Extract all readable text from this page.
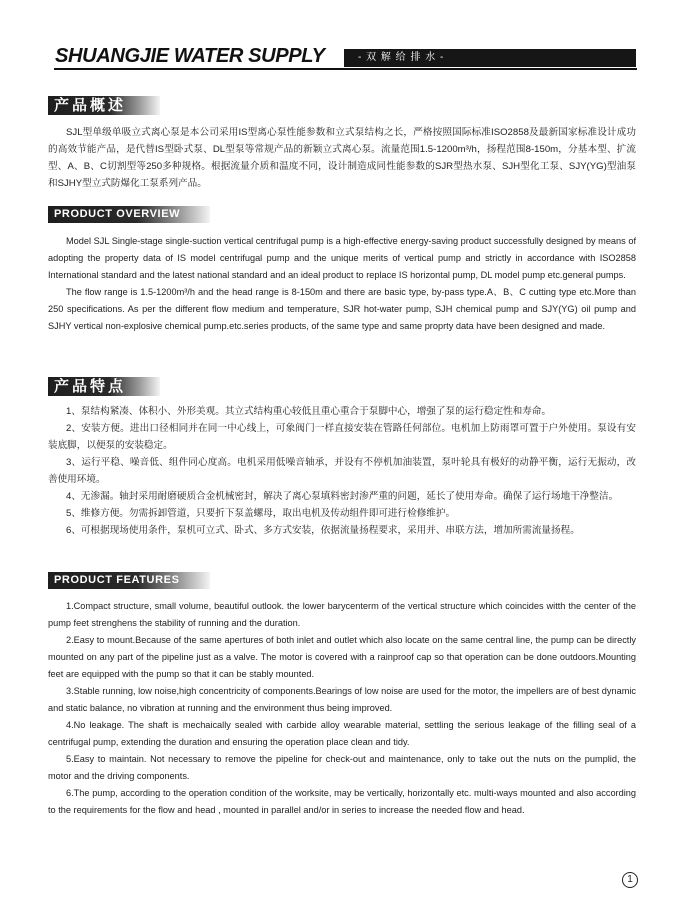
SHUANGJIE WATER SUPPLY	- 双 解 给 排 水 -
产品概述

SJL型单级单吸立式离心泵是本公司采用IS型离心泵性能参数和立式泵结构之长，严格按照国际标准ISO2858及最新国家标准设计成功的高效节能产品，是代替IS型卧式泵、DL型泵等常规产品的新颖立式离心泵。流量范围1.5-1200m³/h，扬程范围8-150m，分基本型、扩流型、A、B、C切割型等250多种规格。根据流量介质和温度不同，设计制造成同性能参数的SJR型热水泵、SJH型化工泵、SJY(YG)型油泵和SJHY型立式防爆化工泵系列产品。

PRODUCT OVERVIEW

Model SJL Single-stage single-suction vertical centrifugal pump is a high-effective energy-saving product successfully designed by means of adopting the property data of IS model centrifugal pump and the unique merits of vertical pump and strictly in accordance with ISO2858 International standard and the latest national standard and an ideal product to replace IS horizontal pump, DL model pump etc.general pumps.

The flow range is 1.5-1200m³/h and the head range is 8-150m and there are basic type, by-pass type.A、B、C cutting type etc.More than 250 specifications. As per the different flow medium and temperature, SJR hot-water pump, SJH chemical pump and SJY(YG) oil pump and SJHY vertical non-explosive chemical pump.etc.series products, of the same type and same proprty data have been designed and made.

产品特点

1、泵结构紧凑、体积小、外形美观。其立式结构重心较低且重心重合于泵脚中心，增强了泵的运行稳定性和寿命。

2、安装方便。进出口径相同并在同一中心线上，可象阀门一样直接安装在管路任何部位。电机加上防雨罩可置于户外使用。泵设有安装底脚，以便泵的安装稳定。

3、运行平稳、噪音低、组件同心度高。电机采用低噪音轴承，并设有不停机加油装置，泵叶轮具有极好的动静平衡，运行无振动，改善使用环境。

4、无渗漏。轴封采用耐磨硬质合金机械密封，解决了离心泵填料密封渗严重的问题，延长了使用寿命。确保了运行场地干净整洁。

5、维修方便。勿需拆卸管道，只要折下泵盖螺母，取出电机及传动组件即可进行检修维护。

6、可根据现场使用条件，泵机可立式、卧式、多方式安装，依据流量扬程要求，采用并、串联方法，增加所需流量扬程。

PRODUCT FEATURES

1.Compact structure, small volume, beautiful outlook. the lower barycenterm of the vertical structure which coincides witth the center of the pump feet strenghens the stability of running and the duration.

2.Easy to mount.Because of the same apertures of both inlet and outlet which also locate on the same central line, the pump can be directly mounted on any part of the pipeline just as a valve. The motor is covered with a rainproof cap so that operation can be done outdoors.Mounting feet are equipped with the pump so that it can be stably mounted.

3.Stable running, low noise,high concentricity of components.Bearings of low noise are used for the motor, the impellers are of best dynamic and static balance, no vibration at running and the environment thus being improved.

4.No leakage. The shaft is mechaically sealed with carbide alloy wearable material, settling the serious leakage of the filling seal of a centrifugal pump, extending the duration and ensuring the operation place clean and tidy.

5.Easy to maintain. Not necessary to remove the pipeline for check-out and maintenance, only to take out the nuts on the pumplid, the motor and the driving components.

6.The pump, according to the operation condition of the worksite, may be vertically, horizontally etc. multi-ways mounted and also according to the requirements for the flow and head , mounted in parallel and/or in series to increase the needed flow and head.

1
